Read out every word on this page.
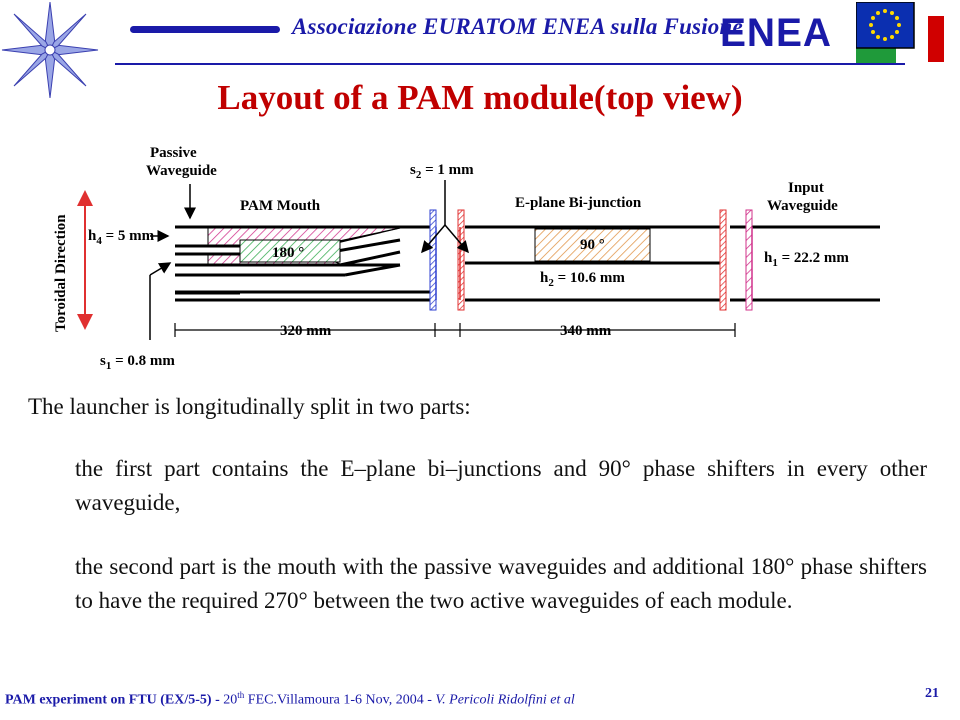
Associazione EURATOM ENEA sulla Fusione
ENEA
Layout of a PAM module(top view)
Toroidal Direction
Passive
Waveguide
PAM Mouth
$s_2 = 1$ mm
E-plane Bi-junction
Input
Waveguide
$h_4 = 5$ mm
$h_2 = 10.6$ mm
$h_1 = 22.2$ mm
180 °	90 °
320 mm	340 mm
$s_1 = 0.8$ mm
The launcher is longitudinally split in two parts:
the first part contains the E–plane bi–junctions and 90° phase shifters in every other waveguide,
the second part is the mouth with the passive waveguides and additional 180° phase shifters to have the required 270° between the two active waveguides of each module.
PAM experiment on FTU (EX/5-5) - 20th FEC.Villamoura 1-6 Nov, 2004 - V. Pericoli Ridolfini et al	21
